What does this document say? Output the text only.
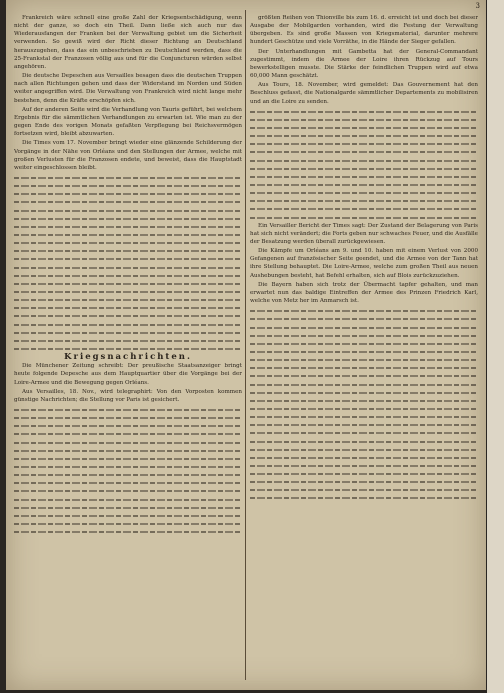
3

Frankreich wäre schnell eine große Zahl der Kriegsentschädigung, wenn nicht der ganze, so doch ein Theil. Dann ließe sich auch nur das Wiederausfangen der Franken bei der Verwaltung gebiet um die Sicherheit verwenden. So gewiß wird der Richt dieser Richtung an Deutschland herauszugehen, dass das ein unbeschrieben zu Deutschland werden, dass die 25-Frankstal der Franzosen völlig aus und für die Conjuncturen würden selbst angehören.

Die deutsche Depeschen aus Versailles besagen dass die deutschen Truppen nach allen Richtungen gehen und dass der Widerstand im Norden und Süden weiter angegriffen wird. Die Verwaltung von Frankreich wird nicht lange mehr bestehen, denn die Kräfte erschöpfen sich.

Auf der anderen Seite wird die Verhandlung von Tauris geführt, bei welchem Ergebnis für die sämmtlichen Verhandlungen zu erwarten ist. Wie man zu der gegen Ende des vorigen Monats gefaßten Verpflegung bei Reichsvermögen fortsetzen wird, bleibt abzuwarten.

Die Times vom 17. November bringt wieder eine glänzende Schilderung der Vorgänge in der Nähe von Orléans und den Stellungen der Armee, welche mit großen Verlusten für die Franzosen endete, und beweist, dass die Hauptstadt weiter eingeschlossen bleibt.

Kriegsnachrichten.

Die Münchener Zeitung schreibt: Der preußische Staatsanzeiger bringt heute folgende Depesche aus dem Hauptquartier über die Vorgänge bei der Loire-Armee und die Bewegung gegen Orléans.

Aus Versailles, 18. Nov., wird telegraphirt: Von den Vorposten kommen günstige Nachrichten; die Stellung vor Paris ist gesichert.

größten Reihen von Thionville bis zum 16. d. erreicht ist und doch bei dieser Ausgabe der Mobilgarden vorhanden, wird die Festung der Verwaltung übergeben. Es sind große Massen von Kriegsmaterial, darunter mehrere hundert Geschütze und viele Vorräthe, in die Hände der Sieger gefallen.

Der Unterhandlungen mit Gambetta hat der General-Commandant zugestimmt, indem die Armee der Loire ihren Rückzug auf Tours bewerkstelligen musste. Die Stärke der feindlichen Truppen wird auf etwa 60,000 Mann geschätzt.

Aus Tours, 18. November, wird gemeldet: Das Gouvernement hat den Beschluss gefasst, die Nationalgarde sämmtlicher Departements zu mobilisiren und an die Loire zu senden.

Ein Versailler Bericht der Times sagt: Der Zustand der Belagerung von Paris hat sich nicht verändert; die Forts geben nur schwaches Feuer, und die Ausfälle der Besatzung werden überall zurückgewiesen.

Die Kämpfe um Orléans am 9. und 10. haben mit einem Verlust von 2000 Gefangenen auf französischer Seite geendet, und die Armee von der Tann hat ihre Stellung behauptet. Die Loire-Armee, welche zum großen Theil aus neuen Aushebungen besteht, hat Befehl erhalten, sich auf Blois zurückzuziehen.

Die Bayern haben sich trotz der Übermacht tapfer gehalten, und man erwartet nun das baldige Eintreffen der Armee des Prinzen Friedrich Karl, welche von Metz her im Anmarsch ist.
